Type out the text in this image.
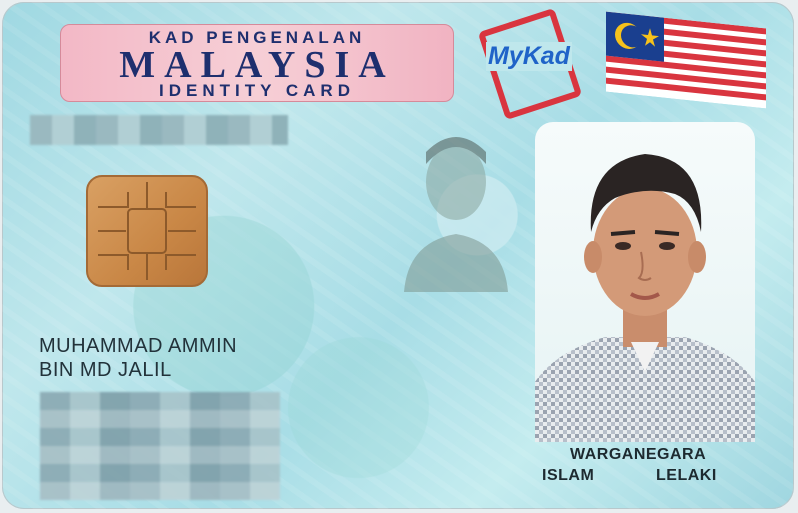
KAD PENGENALAN
MALAYSIA
IDENTITY CARD
MyKad
MUHAMMAD AMMIN
BIN MD JALIL
WARGANEGARA
ISLAM	LELAKI
